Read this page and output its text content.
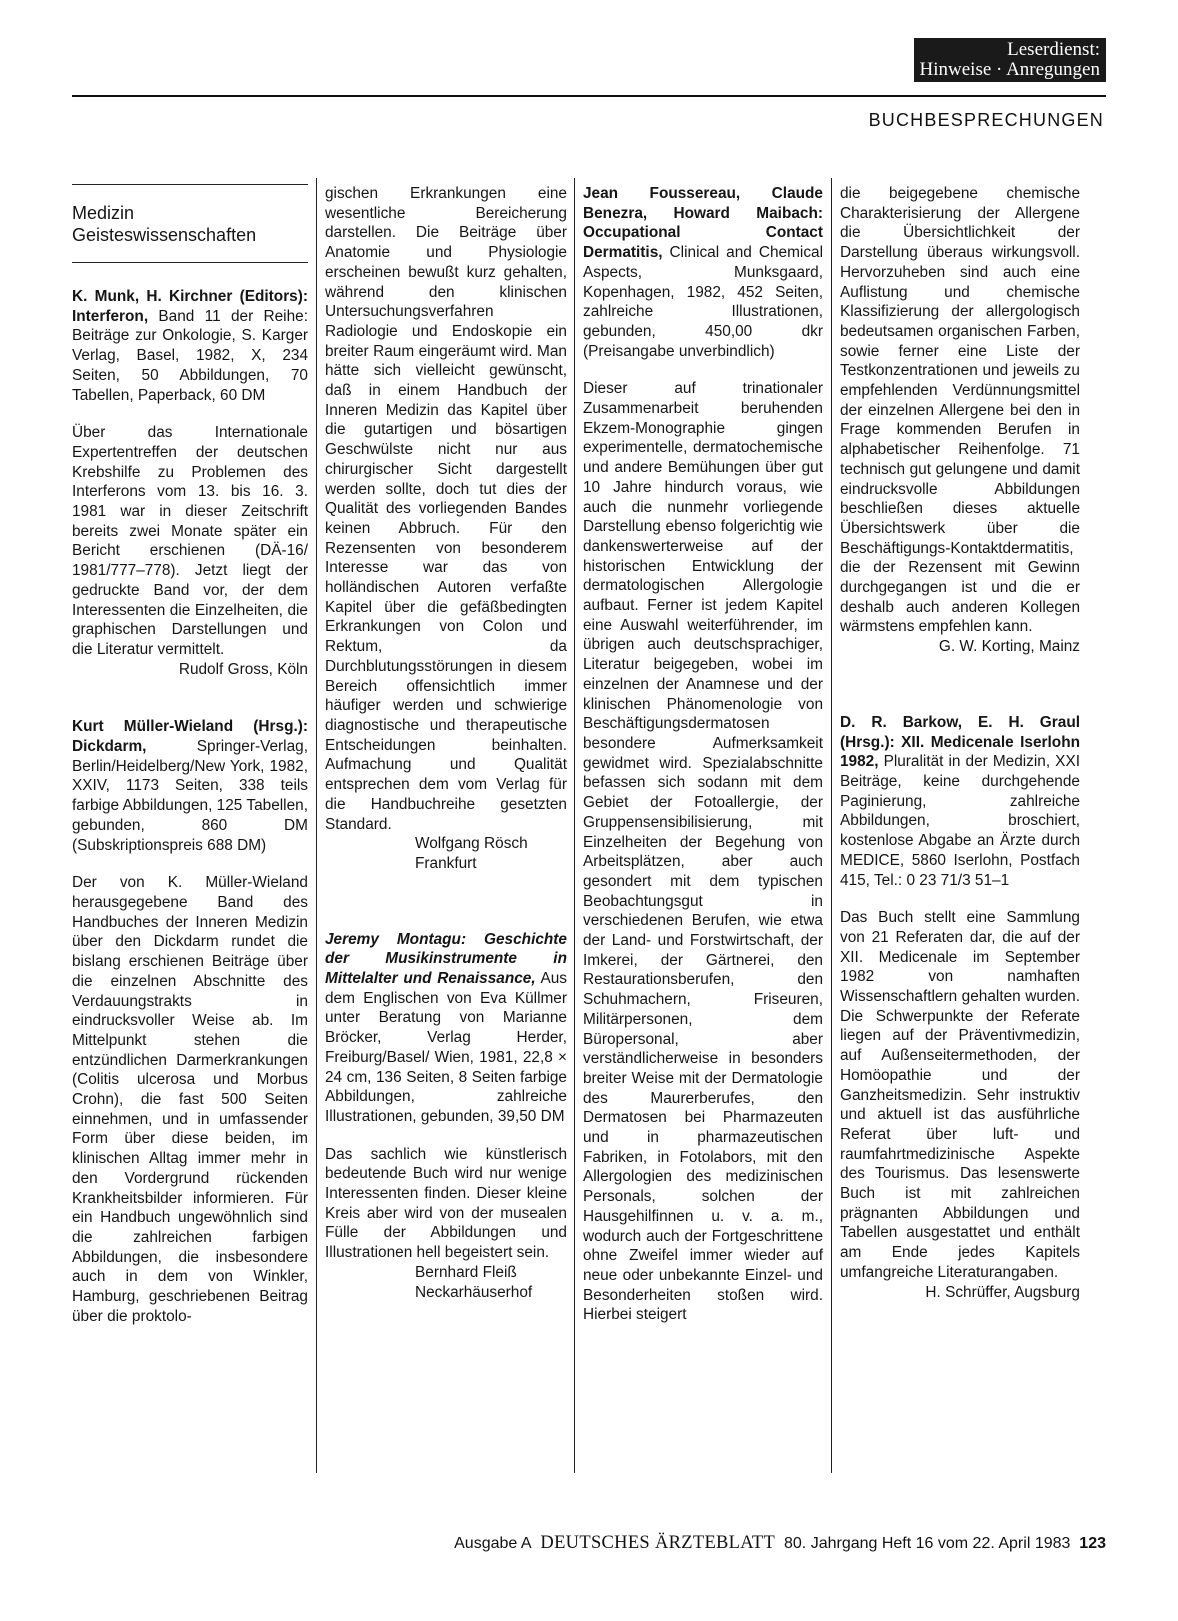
Leserdienst:
Hinweise · Anregungen
BUCHBESPRECHUNGEN
Medizin
Geisteswissenschaften
K. Munk, H. Kirchner (Editors): Interferon, Band 11 der Reihe: Beiträge zur Onkologie, S. Karger Verlag, Basel, 1982, X, 234 Seiten, 50 Abbildungen, 70 Tabellen, Paperback, 60 DM
Über das Internationale Expertentreffen der deutschen Krebshilfe zu Problemen des Interferons vom 13. bis 16. 3. 1981 war in dieser Zeitschrift bereits zwei Monate später ein Bericht erschienen (DÄ-16/ 1981/777–778). Jetzt liegt der gedruckte Band vor, der dem Interessenten die Einzelheiten, die graphischen Darstellungen und die Literatur vermittelt.
Rudolf Gross, Köln
Kurt Müller-Wieland (Hrsg.): Dickdarm, Springer-Verlag, Berlin/Heidelberg/New York, 1982, XXIV, 1173 Seiten, 338 teils farbige Abbildungen, 125 Tabellen, gebunden, 860 DM (Subskriptionspreis 688 DM)
Der von K. Müller-Wieland herausgegebene Band des Handbuches der Inneren Medizin über den Dickdarm rundet die bislang erschienen Beiträge über die einzelnen Abschnitte des Verdauungstrakts in eindrucksvoller Weise ab. Im Mittelpunkt stehen die entzündlichen Darmerkrankungen (Colitis ulcerosa und Morbus Crohn), die fast 500 Seiten einnehmen, und in umfassender Form über diese beiden, im klinischen Alltag immer mehr in den Vordergrund rückenden Krankheitsbilder informieren. Für ein Handbuch ungewöhnlich sind die zahlreichen farbigen Abbildungen, die insbesondere auch in dem von Winkler, Hamburg, geschriebenen Beitrag über die proktolo-
gischen Erkrankungen eine wesentliche Bereicherung darstellen. Die Beiträge über Anatomie und Physiologie erscheinen bewußt kurz gehalten, während den klinischen Untersuchungsverfahren Radiologie und Endoskopie ein breiter Raum eingeräumt wird. Man hätte sich vielleicht gewünscht, daß in einem Handbuch der Inneren Medizin das Kapitel über die gutartigen und bösartigen Geschwülste nicht nur aus chirurgischer Sicht dargestellt werden sollte, doch tut dies der Qualität des vorliegenden Bandes keinen Abbruch. Für den Rezensenten von besonderem Interesse war das von holländischen Autoren verfaßte Kapitel über die gefäßbedingten Erkrankungen von Colon und Rektum, da Durchblutungsstörungen in diesem Bereich offensichtlich immer häufiger werden und schwierige diagnostische und therapeutische Entscheidungen beinhalten. Aufmachung und Qualität entsprechen dem vom Verlag für die Handbuchreihe gesetzten Standard.
Wolfgang Rösch
Frankfurt
Jeremy Montagu: Geschichte der Musikinstrumente in Mittelalter und Renaissance, Aus dem Englischen von Eva Küllmer unter Beratung von Marianne Bröcker, Verlag Herder, Freiburg/Basel/ Wien, 1981, 22,8 × 24 cm, 136 Seiten, 8 Seiten farbige Abbildungen, zahlreiche Illustrationen, gebunden, 39,50 DM
Das sachlich wie künstlerisch bedeutende Buch wird nur wenige Interessenten finden. Dieser kleine Kreis aber wird von der musealen Fülle der Abbildungen und Illustrationen hell begeistert sein.
Bernhard Fleiß
Neckarhäuserhof
Jean Foussereau, Claude Benezra, Howard Maibach: Occupational Contact Dermatitis, Clinical and Chemical Aspects, Munksgaard, Kopenhagen, 1982, 452 Seiten, zahlreiche Illustrationen, gebunden, 450,00 dkr (Preisangabe unverbindlich)
Dieser auf trinationaler Zusammenarbeit beruhenden Ekzem-Monographie gingen experimentelle, dermatochemische und andere Bemühungen über gut 10 Jahre hindurch voraus, wie auch die nunmehr vorliegende Darstellung ebenso folgerichtig wie dankenswerterweise auf der historischen Entwicklung der dermatologischen Allergologie aufbaut. Ferner ist jedem Kapitel eine Auswahl weiterführender, im übrigen auch deutschsprachiger, Literatur beigegeben, wobei im einzelnen der Anamnese und der klinischen Phänomenologie von Beschäftigungsdermatosen besondere Aufmerksamkeit gewidmet wird. Spezialabschnitte befassen sich sodann mit dem Gebiet der Fotoallergie, der Gruppensensibilisierung, mit Einzelheiten der Begehung von Arbeitsplätzen, aber auch gesondert mit dem typischen Beobachtungsgut in verschiedenen Berufen, wie etwa der Land- und Forstwirtschaft, der Imkerei, der Gärtnerei, den Restaurationsberufen, den Schuhmachern, Friseuren, Militärpersonen, dem Büropersonal, aber verständlicherweise in besonders breiter Weise mit der Dermatologie des Maurerberufes, den Dermatosen bei Pharmazeuten und in pharmazeutischen Fabriken, in Fotolabors, mit den Allergologien des medizinischen Personals, solchen der Hausgehilfinnen u. v. a. m., wodurch auch der Fortgeschrittene ohne Zweifel immer wieder auf neue oder unbekannte Einzel- und Besonderheiten stoßen wird. Hierbei steigert
die beigegebene chemische Charakterisierung der Allergene die Übersichtlichkeit der Darstellung überaus wirkungsvoll. Hervorzuheben sind auch eine Auflistung und chemische Klassifizierung der allergologisch bedeutsamen organischen Farben, sowie ferner eine Liste der Testkonzentrationen und jeweils zu empfehlenden Verdünnungsmittel der einzelnen Allergene bei den in Frage kommenden Berufen in alphabetischer Reihenfolge. 71 technisch gut gelungene und damit eindrucksvolle Abbildungen beschließen dieses aktuelle Übersichtswerk über die Beschäftigungs-Kontaktdermatitis, die der Rezensent mit Gewinn durchgegangen ist und die er deshalb auch anderen Kollegen wärmstens empfehlen kann.
G. W. Korting, Mainz
D. R. Barkow, E. H. Graul (Hrsg.): XII. Medicenale Iserlohn 1982, Pluralität in der Medizin, XXI Beiträge, keine durchgehende Paginierung, zahlreiche Abbildungen, broschiert, kostenlose Abgabe an Ärzte durch MEDICE, 5860 Iserlohn, Postfach 415, Tel.: 0 23 71/3 51–1
Das Buch stellt eine Sammlung von 21 Referaten dar, die auf der XII. Medicenale im September 1982 von namhaften Wissenschaftlern gehalten wurden. Die Schwerpunkte der Referate liegen auf der Präventivmedizin, auf Außenseitermethoden, der Homöopathie und der Ganzheitsmedizin. Sehr instruktiv und aktuell ist das ausführliche Referat über luft- und raumfahrtmedizinische Aspekte des Tourismus. Das lesenswerte Buch ist mit zahlreichen prägnanten Abbildungen und Tabellen ausgestattet und enthält am Ende jedes Kapitels umfangreiche Literaturangaben.
H. Schrüffer, Augsburg
Ausgabe A DEUTSCHES ÄRZTEBLATT 80. Jahrgang Heft 16 vom 22. April 1983 123
